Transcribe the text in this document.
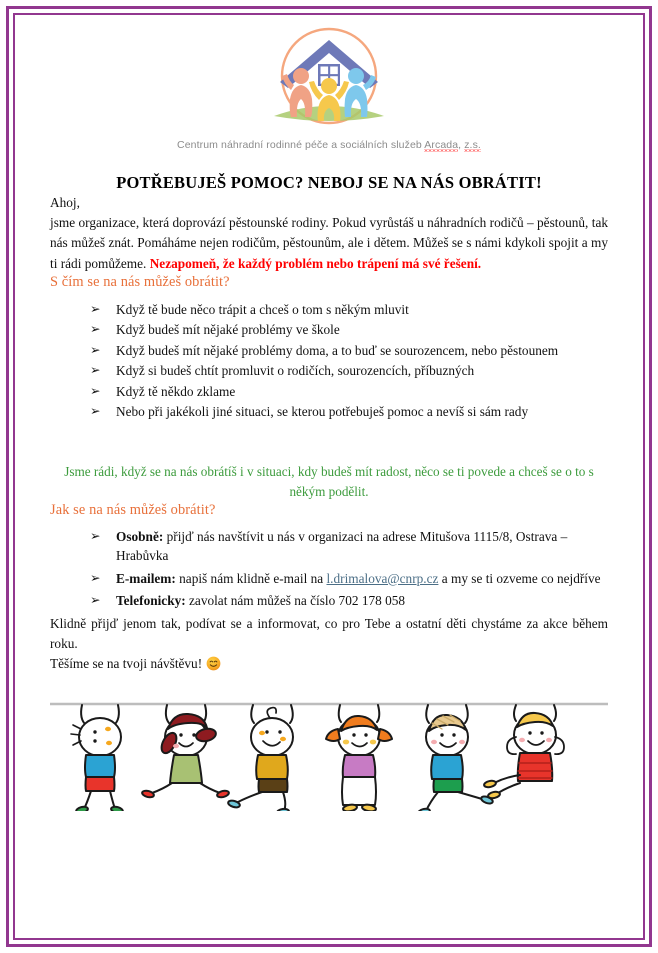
Centrum náhradní rodinné péče a sociálních služeb Arcada, z.s.
POTŘEBUJEŠ POMOC? NEBOJ SE NA NÁS OBRÁTIT!

Ahoj,

jsme organizace, která doprovází pěstounské rodiny. Pokud vyrůstáš u náhradních rodičů – pěstounů, tak nás můžeš znát. Pomáháme nejen rodičům, pěstounům, ale i dětem. Můžeš se s námi kdykoli spojit a my ti rádi pomůžeme. Nezapomeň, že každý problém nebo trápení má své řešení.

S čím se na nás můžeš obrátit?
➢ Když tě bude něco trápit a chceš o tom s někým mluvit
➢ Když budeš mít nějaké problémy ve škole
➢ Když budeš mít nějaké problémy doma, a to buď se sourozencem, nebo pěstounem
➢ Když si budeš chtít promluvit o rodičích, sourozencích, příbuzných
➢ Když tě někdo zklame
➢ Nebo při jakékoli jiné situaci, se kterou potřebuješ pomoc a nevíš si sám rady

Jsme rádi, když se na nás obrátíš i v situaci, kdy budeš mít radost, něco se ti povede a chceš se o to s někým podělit.

Jak se na nás můžeš obrátit?
➢ Osobně: přijď nás navštívit u nás v organizaci na adrese Mitušova 1115/8, Ostrava – Hrabůvka
➢ E-mailem: napiš nám klidně e-mail na l.drimalova@cnrp.cz a my se ti ozveme co nejdříve
➢ Telefonicky: zavolat nám můžeš na číslo 702 178 058

Klidně přijď jenom tak, podívat se a informovat, co pro Tebe a ostatní děti chystáme za akce během roku.

Těšíme se na tvoji návštěvu!
